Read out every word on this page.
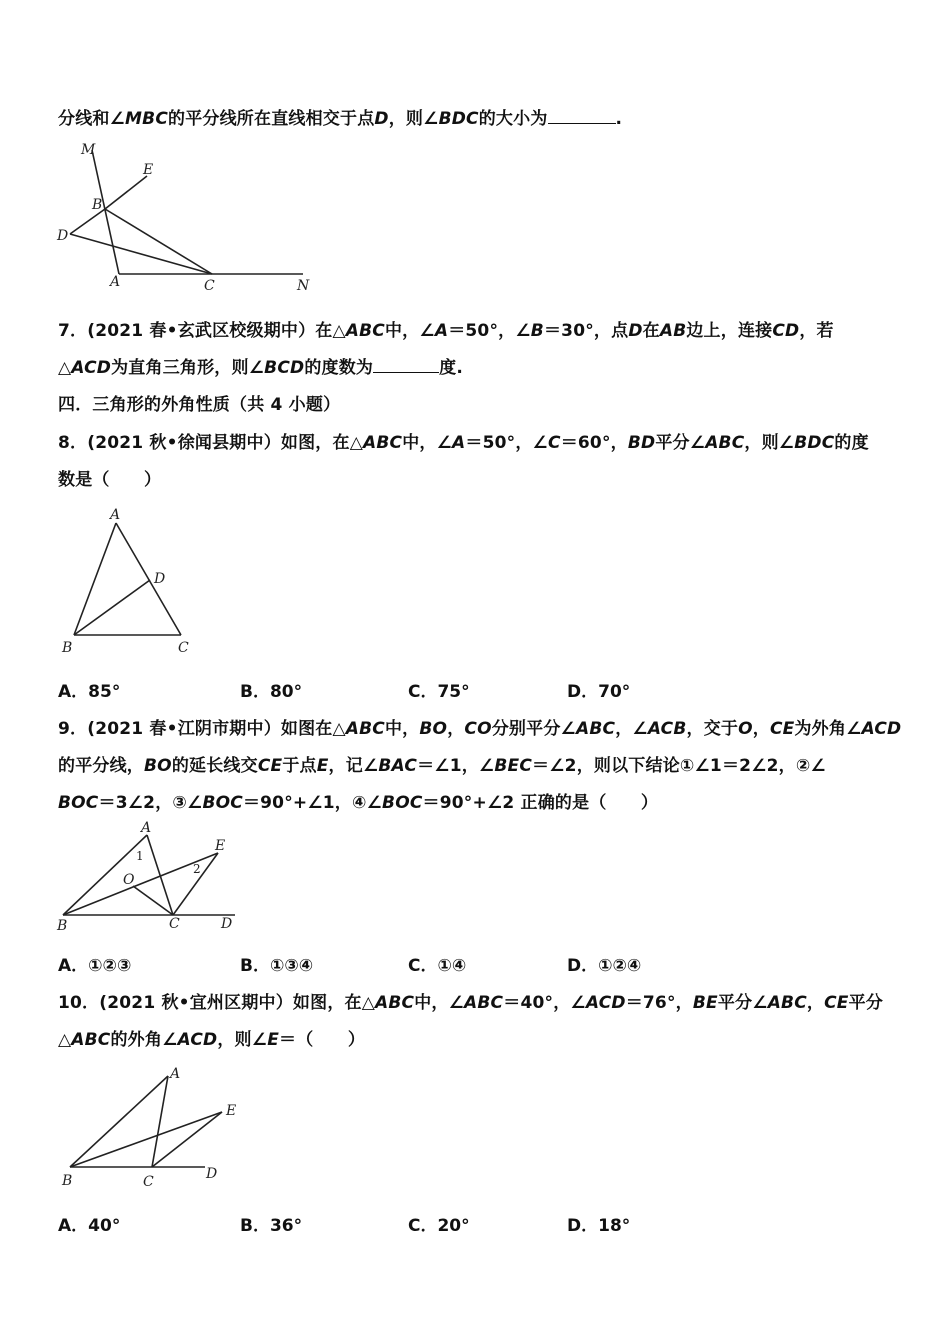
分线和∠MBC的平分线所在直线相交于点D，则∠BDC的大小为	.
M
E
B
D
A	C	N
7．(2021 春•玄武区校级期中）在△ABC中，∠A＝50°，∠B＝30°，点D在AB边上，连接CD，若
△ACD为直角三角形，则∠BCD的度数为	度.
四．三角形的外角性质（共 4 小题）
8．(2021 秋•徐闻县期中）如图，在△ABC中，∠A＝50°，∠C＝60°，BD平分∠ABC，则∠BDC的度
数是（　　）
A
D
B	C
A．85°	B．80°	C．75°	D．70°
9．(2021 春•江阴市期中）如图在△ABC中，BO，CO分别平分∠ABC，∠ACB，交于O，CE为外角∠ACD
的平分线，BO的延长线交CE于点E，记∠BAC＝∠1，∠BEC＝∠2，则以下结论①∠1＝2∠2，②∠
BOC＝3∠2，③∠BOC＝90°+∠1，④∠BOC＝90°+∠2 正确的是（　　）
A
E
O
B	C	D
1
2
A．①②③	B．①③④	C．①④	D．①②④
10．(2021 秋•宜州区期中）如图，在△ABC中，∠ABC＝40°，∠ACD＝76°，BE平分∠ABC，CE平分
△ABC的外角∠ACD，则∠E＝（　　）
A
E
B	C	D
A．40°	B．36°	C．20°	D．18°
